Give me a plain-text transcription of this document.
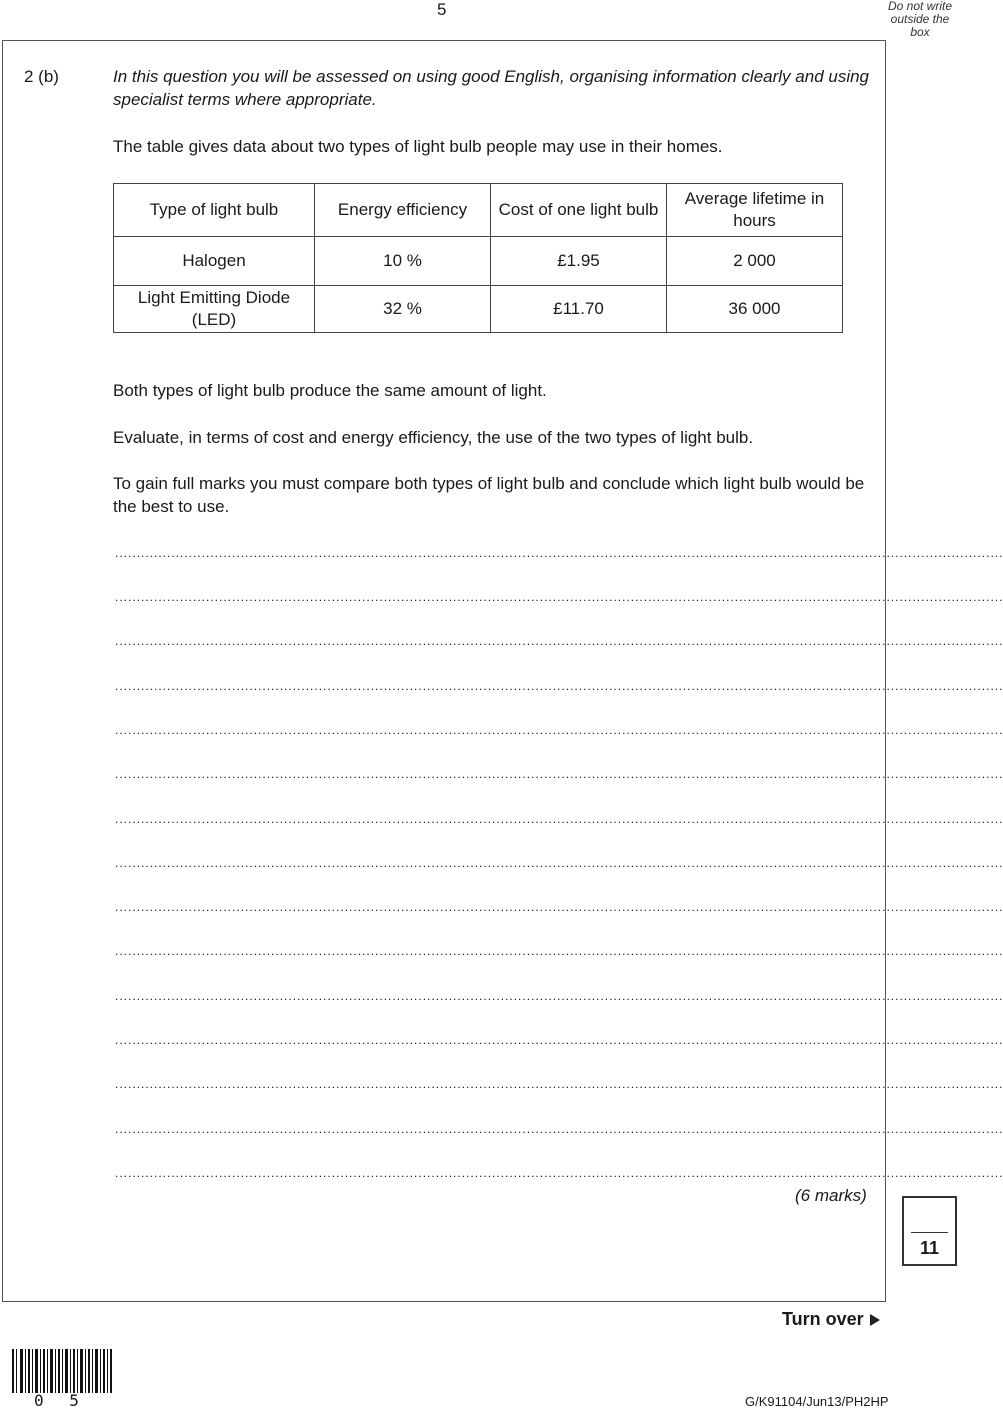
5	Do not write outside the box
2 (b)	In this question you will be assessed on using good English, organising information clearly and using specialist terms where appropriate.
The table gives data about two types of light bulb people may use in their homes.
Type of light bulb	Energy efficiency	Cost of one light bulb	Average lifetime in hours
Halogen	10 %	£1.95	2 000
Light Emitting Diode (LED)	32 %	£11.70	36 000
Both types of light bulb produce the same amount of light.
Evaluate, in terms of cost and energy efficiency, the use of the two types of light bulb.
To gain full marks you must compare both types of light bulb and conclude which light bulb would be the best to use.
.............................................................................................................................................................................................................
.............................................................................................................................................................................................................
.............................................................................................................................................................................................................
.............................................................................................................................................................................................................
.............................................................................................................................................................................................................
.............................................................................................................................................................................................................
.............................................................................................................................................................................................................
.............................................................................................................................................................................................................
.............................................................................................................................................................................................................
.............................................................................................................................................................................................................
.............................................................................................................................................................................................................
.............................................................................................................................................................................................................
.............................................................................................................................................................................................................
.............................................................................................................................................................................................................
.............................................................................................................................................................................................................
(6 marks)
11
Turn over
0 5	G/K91104/Jun13/PH2HP
